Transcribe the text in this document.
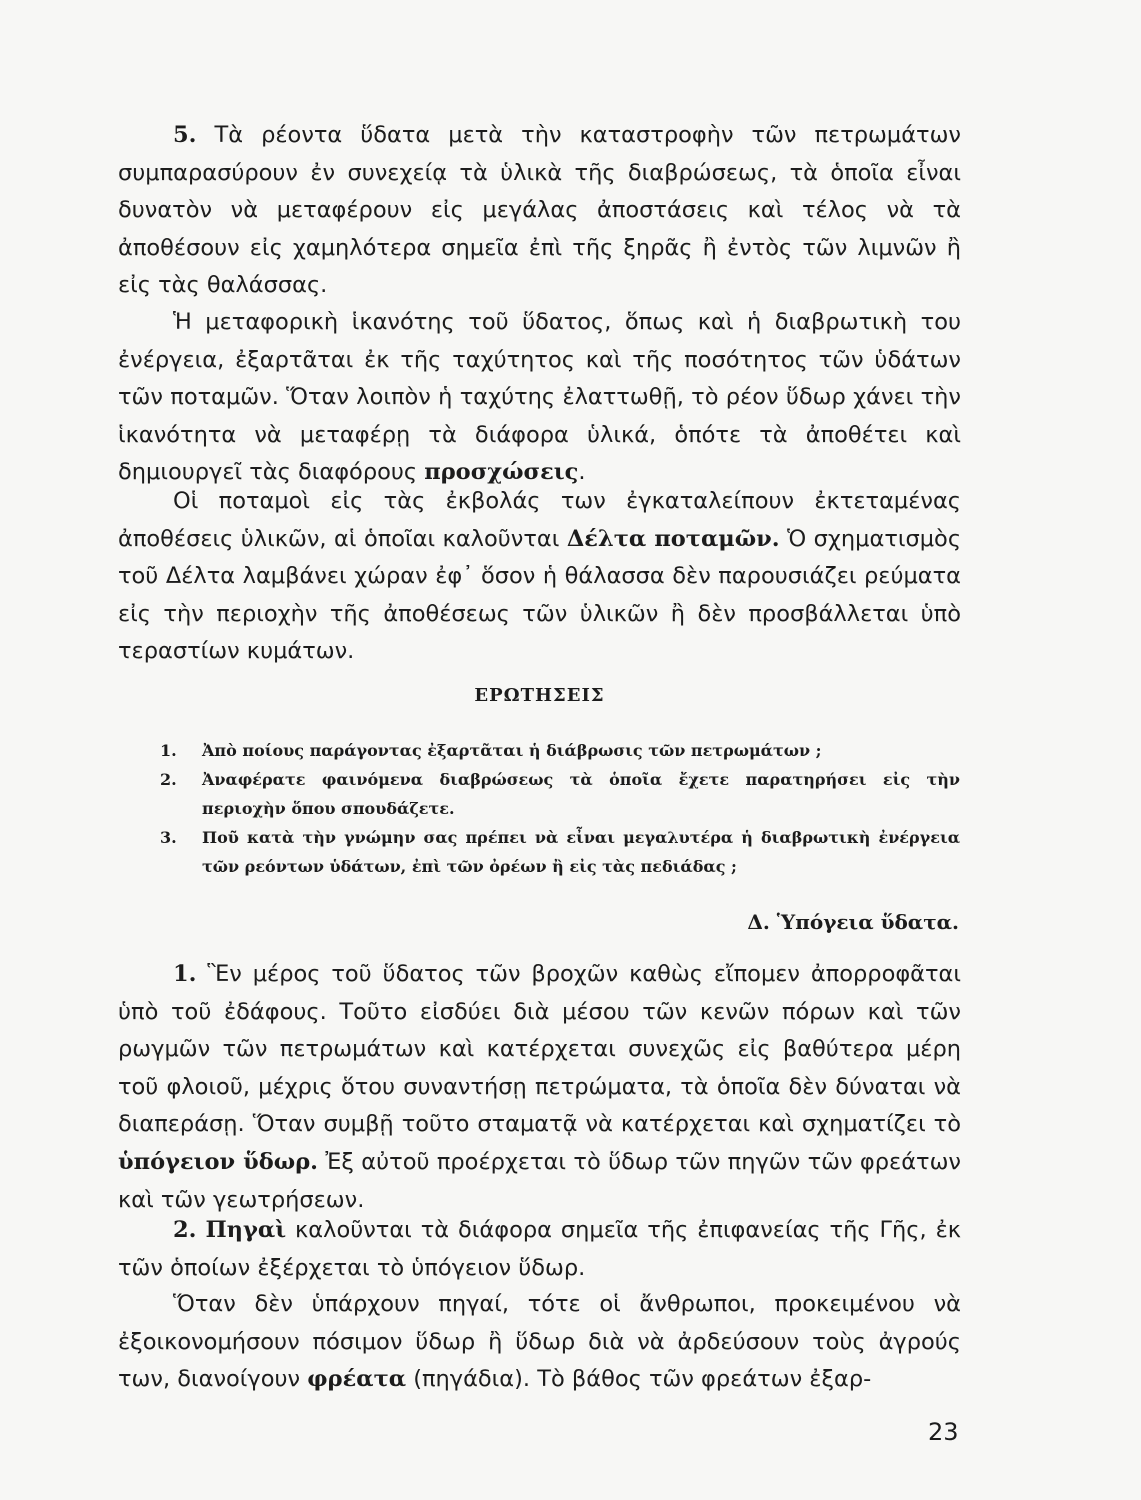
5. Τὰ ρέοντα ὕδατα μετὰ τὴν καταστροφὴν τῶν πετρωμάτων συμπαρασύρουν ἐν συνεχείᾳ τὰ ὑλικὰ τῆς διαβρώσεως, τὰ ὁποῖα εἶναι δυνατὸν νὰ μεταφέρουν εἰς μεγάλας ἀποστάσεις καὶ τέλος νὰ τὰ ἀποθέσουν εἰς χαμηλότερα σημεῖα ἐπὶ τῆς ξηρᾶς ἢ ἐντὸς τῶν λιμνῶν ἢ εἰς τὰς θαλάσσας.

Ἡ μεταφορικὴ ἱκανότης τοῦ ὕδατος, ὅπως καὶ ἡ διαβρωτικὴ του ἐνέργεια, ἐξαρτᾶται ἐκ τῆς ταχύτητος καὶ τῆς ποσότητος τῶν ὑδάτων τῶν ποταμῶν. Ὅταν λοιπὸν ἡ ταχύτης ἐλαττωθῇ, τὸ ρέον ὕδωρ χάνει τὴν ἱκανότητα νὰ μεταφέρῃ τὰ διάφορα ὑλικά, ὁπότε τὰ ἀποθέτει καὶ δημιουργεῖ τὰς διαφόρους προσχώσεις.

Οἱ ποταμοὶ εἰς τὰς ἐκβολάς των ἐγκαταλείπουν ἐκτεταμένας ἀποθέσεις ὑλικῶν, αἱ ὁποῖαι καλοῦνται Δέλτα ποταμῶν. Ὁ σχηματισμὸς τοῦ Δέλτα λαμβάνει χώραν ἐφ᾽ ὅσον ἡ θάλασσα δὲν παρουσιάζει ρεύματα εἰς τὴν περιοχὴν τῆς ἀποθέσεως τῶν ὑλικῶν ἢ δὲν προσβάλλεται ὑπὸ τεραστίων κυμάτων.

ΕΡΩΤΗΣΕΙΣ
1.	Ἀπὸ ποίους παράγοντας ἐξαρτᾶται ἡ διάβρωσις τῶν πετρωμάτων ;
2.	Ἀναφέρατε φαινόμενα διαβρώσεως τὰ ὁποῖα ἔχετε παρατηρήσει εἰς τὴν περιοχὴν ὅπου σπουδάζετε.
3.	Ποῦ κατὰ τὴν γνώμην σας πρέπει νὰ εἶναι μεγαλυτέρα ἡ διαβρωτικὴ ἐνέργεια τῶν ρεόντων ὑδάτων, ἐπὶ τῶν ὀρέων ἢ εἰς τὰς πεδιάδας ;
Δ. Ὑπόγεια ὕδατα.

1. Ἓν μέρος τοῦ ὕδατος τῶν βροχῶν καθὼς εἴπομεν ἀπορροφᾶται ὑπὸ τοῦ ἐδάφους. Τοῦτο εἰσδύει διὰ μέσου τῶν κενῶν πόρων καὶ τῶν ρωγμῶν τῶν πετρωμάτων καὶ κατέρχεται συνεχῶς εἰς βαθύτερα μέρη τοῦ φλοιοῦ, μέχρις ὅτου συναντήσῃ πετρώματα, τὰ ὁποῖα δὲν δύναται νὰ διαπεράσῃ. Ὅταν συμβῇ τοῦτο σταματᾷ νὰ κατέρχεται καὶ σχηματίζει τὸ ὑπόγειον ὕδωρ. Ἐξ αὐτοῦ προέρχεται τὸ ὕδωρ τῶν πηγῶν τῶν φρεάτων καὶ τῶν γεωτρήσεων.

2. Πηγαὶ καλοῦνται τὰ διάφορα σημεῖα τῆς ἐπιφανείας τῆς Γῆς, ἐκ τῶν ὁποίων ἐξέρχεται τὸ ὑπόγειον ὕδωρ.

Ὅταν δὲν ὑπάρχουν πηγαί, τότε οἱ ἄνθρωποι, προκειμένου νὰ ἐξοικονομήσουν πόσιμον ὕδωρ ἢ ὕδωρ διὰ νὰ ἀρδεύσουν τοὺς ἀγρούς των, διανοίγουν φρέατα (πηγάδια). Τὸ βάθος τῶν φρεάτων ἐξαρ-

23
